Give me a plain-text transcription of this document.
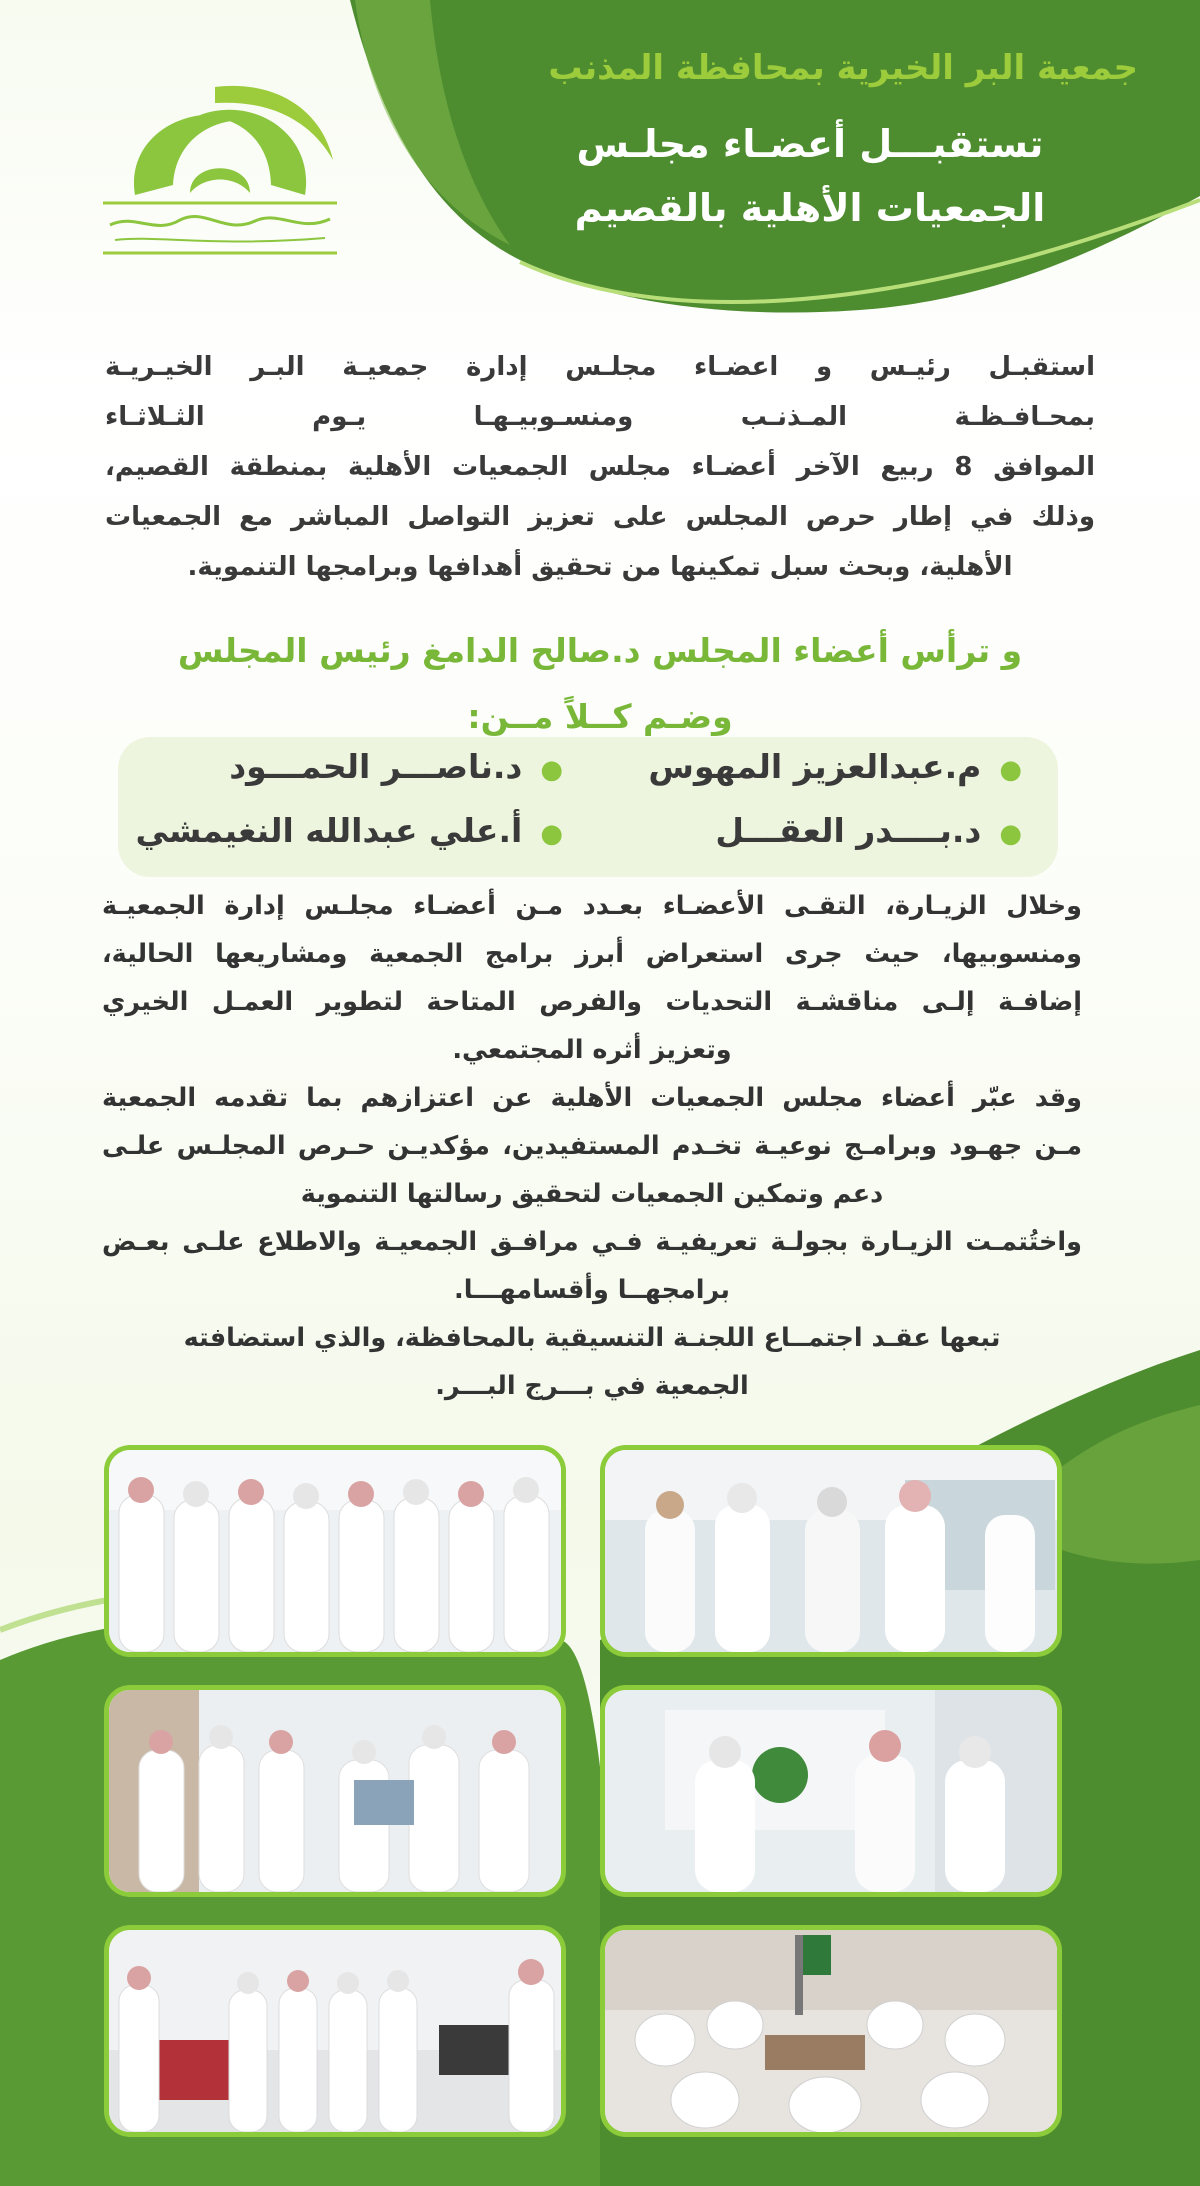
جمعية البر الخيرية بمحافظة المذنب
تستقبـــل أعضـاء مجلـس
الجمعيات الأهلية بالقصيم
استقبـل رئيـس و اعضـاء مجلـس إدارة جمعيـة البـر الخيـريـة
بمحـافـظـة المـذنـب ومنسـوبيـهـا يـوم الثـلاثـاء
الموافق 8 ربيع الآخر أعضـاء مجلس الجمعيات الأهلية بمنطقة القصيم،
وذلك في إطار حرص المجلس على تعزيز التواصل المباشر مع الجمعيات
الأهلية، وبحث سبل تمكينها من تحقيق أهدافها وبرامجها التنموية.
و ترأس أعضاء المجلس د.صالح الدامغ رئيس المجلس
وضـم كــلاً مــن:
●م.عبدالعزيز المهوس
●د.ناصـــر الحمـــود
●د.بــــدر العقـــل
●أ.علي عبدالله النغيمشي
وخلال الزيـارة، التقـى الأعضـاء بعـدد مـن أعضـاء مجلـس إدارة الجمعيـة
ومنسوبيها، حيث جرى استعراض أبرز برامج الجمعية ومشاريعها الحالية،
إضافـة إلـى مناقشـة التحديات والفرص المتاحة لتطوير العمـل الخيري
وتعزيز أثره المجتمعي.
وقد عبّر أعضاء مجلس الجمعيات الأهلية عن اعتزازهم بما تقدمه الجمعية
مـن جهـود وبرامـج نوعيـة تخـدم المستفيدين، مؤكديـن حـرص المجلـس علـى
دعم وتمكين الجمعيات لتحقيق رسالتها التنموية
واختُتمـت الزيـارة بجولـة تعريفيـة فـي مرافـق الجمعيـة والاطلاع علـى بعـض
برامجهــا وأقسامهـــا.
تبعها عقـد اجتمــاع اللجنـة التنسيقية بالمحافظة، والذي استضافته
الجمعية في بـــرج البـــر.
